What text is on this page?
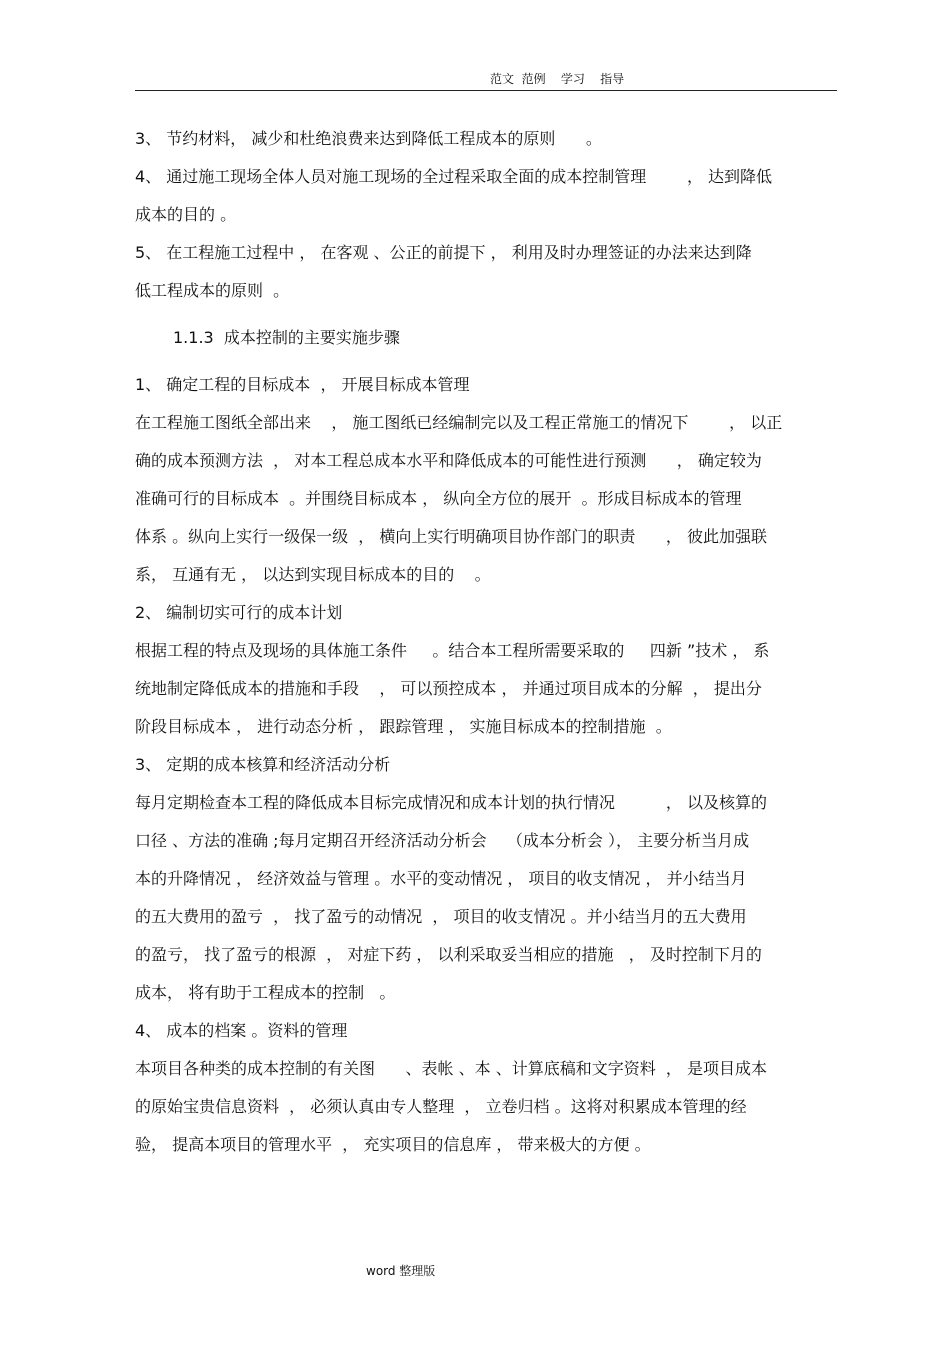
范文  范例    学习    指导
3、 节约材料， 减少和杜绝浪费来达到降低工程成本的原则      。
4、 通过施工现场全体人员对施工现场的全过程采取全面的成本控制管理        ， 达到降低
成本的目的 。
5、 在工程施工过程中 ， 在客观 、公正的前提下 ， 利用及时办理签证的办法来达到降
低工程成本的原则  。
1.1.3  成本控制的主要实施步骤
1、 确定工程的目标成本  ， 开展目标成本管理
在工程施工图纸全部出来    ， 施工图纸已经编制完以及工程正常施工的情况下        ， 以正
确的成本预测方法  ， 对本工程总成本水平和降低成本的可能性进行预测      ， 确定较为
准确可行的目标成本  。并围绕目标成本 ， 纵向全方位的展开  。形成目标成本的管理
体系 。纵向上实行一级保一级  ， 横向上实行明确项目协作部门的职责      ， 彼此加强联
系， 互通有无 ， 以达到实现目标成本的目的    。
2、 编制切实可行的成本计划
根据工程的特点及现场的具体施工条件     。结合本工程所需要采取的     四新 ”技术 ， 系
统地制定降低成本的措施和手段    ， 可以预控成本 ， 并通过项目成本的分解  ， 提出分
阶段目标成本 ， 进行动态分析 ， 跟踪管理 ， 实施目标成本的控制措施  。
3、 定期的成本核算和经济活动分析
每月定期检查本工程的降低成本目标完成情况和成本计划的执行情况          ， 以及核算的
口径 、方法的准确 ;每月定期召开经济活动分析会    （成本分析会 ）， 主要分析当月成
本的升降情况 ， 经济效益与管理 。水平的变动情况 ， 项目的收支情况 ， 并小结当月
的五大费用的盈亏  ， 找了盈亏的动情况  ， 项目的收支情况 。并小结当月的五大费用
的盈亏， 找了盈亏的根源  ， 对症下药 ， 以利采取妥当相应的措施   ， 及时控制下月的
成本， 将有助于工程成本的控制   。
4、 成本的档案 。资料的管理
本项目各种类的成本控制的有关图      、表帐 、本 、计算底稿和文字资料  ， 是项目成本
的原始宝贵信息资料  ， 必须认真由专人整理  ， 立卷归档 。这将对积累成本管理的经
验， 提高本项目的管理水平  ， 充实项目的信息库 ， 带来极大的方便 。
word 整理版
